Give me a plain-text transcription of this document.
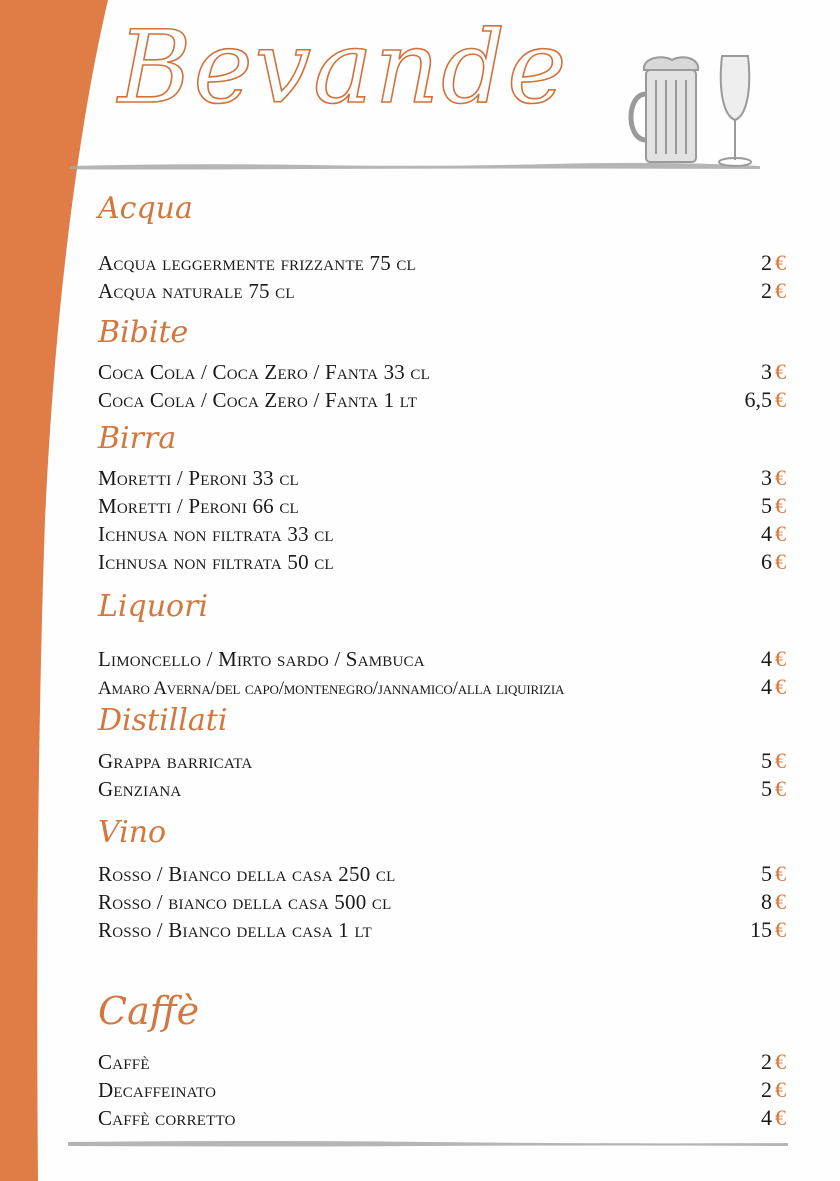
Bevande
Acqua
Acqua leggermente frizzante 75 cl	2 €
Acqua naturale 75 cl	2 €
Bibite
Coca Cola / Coca Zero / Fanta 33 cl	3 €
Coca Cola / Coca Zero / Fanta 1 lt	6,5 €
Birra
Moretti / Peroni 33 cl	3 €
Moretti / Peroni 66 cl	5 €
Ichnusa non filtrata 33 cl	4 €
Ichnusa non filtrata 50 cl	6 €
Liquori
Limoncello / Mirto sardo / Sambuca	4 €
Amaro Averna/del capo/montenegro/jannamico/alla liquirizia	4 €
Distillati
Grappa barricata	5 €
Genziana	5 €
Vino
Rosso / Bianco della casa 250 cl	5 €
Rosso / bianco della casa 500 cl	8 €
Rosso / Bianco della casa 1 lt	15 €
Caffè
Caffè	2 €
Decaffeinato	2 €
Caffè corretto	4 €
